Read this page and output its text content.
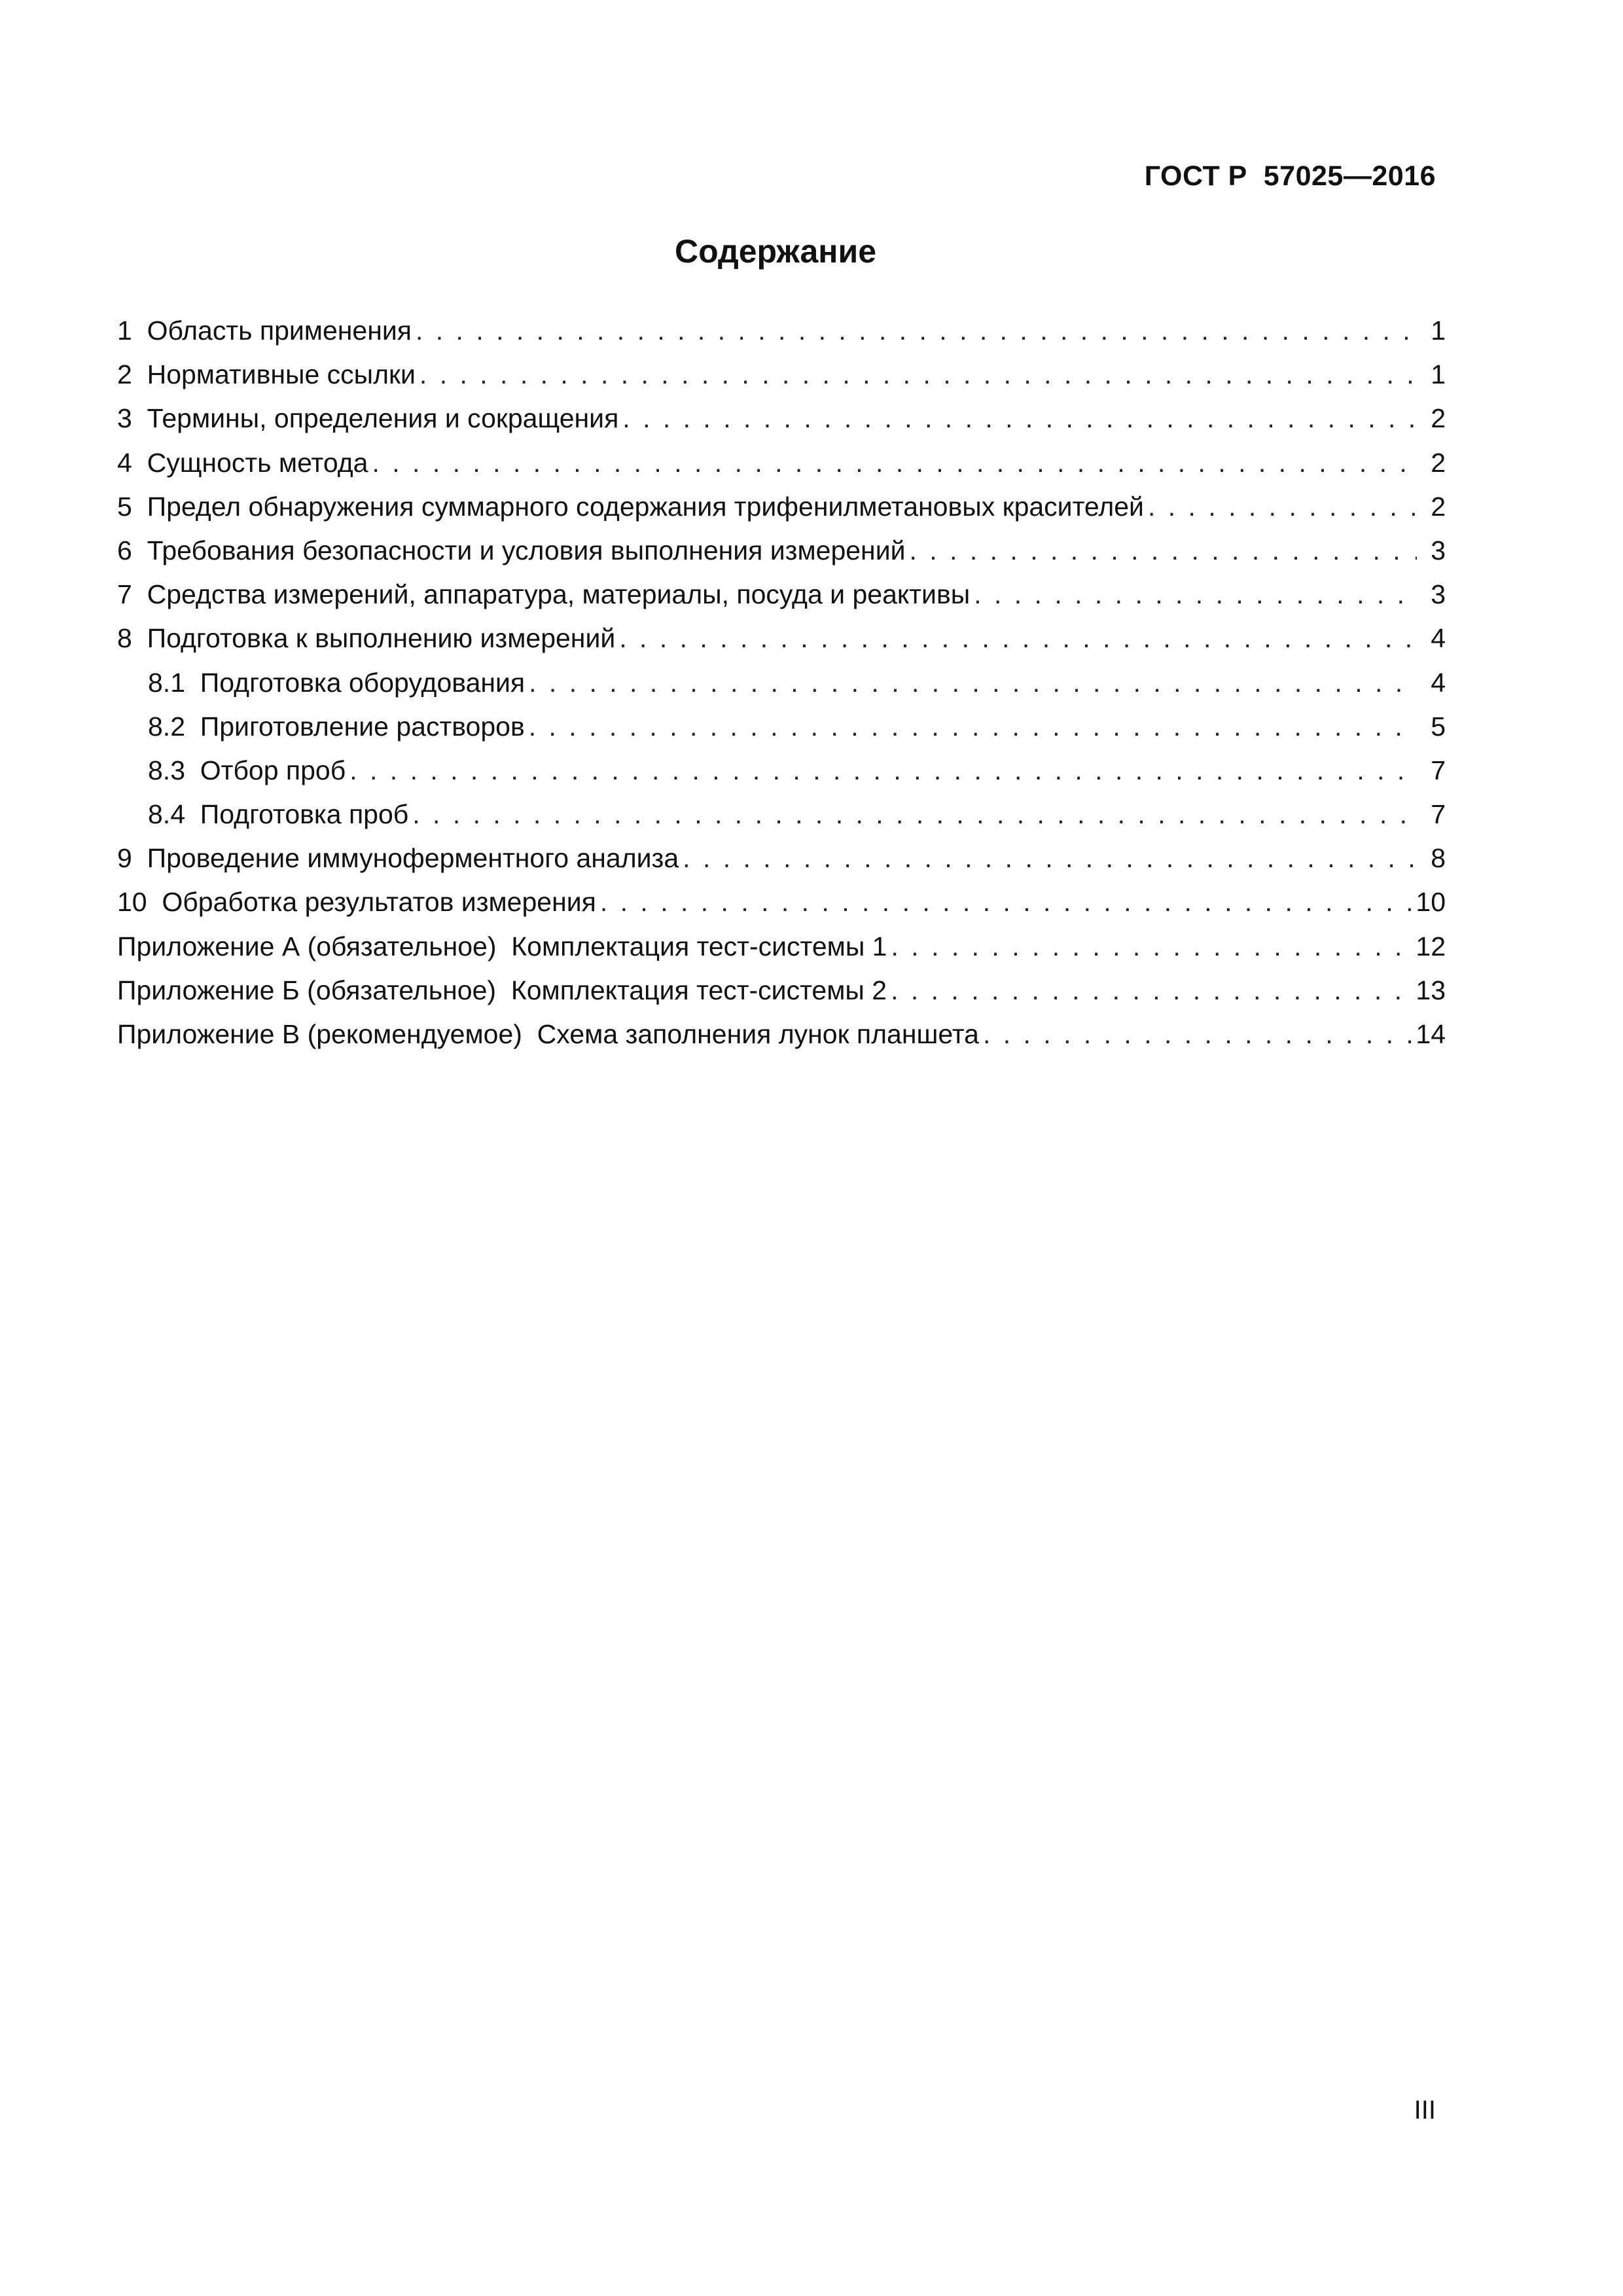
ГОСТ Р  57025—2016
Содержание
1 Область применения . . .	1
2 Нормативные ссылки . . .	1
3 Термины, определения и сокращения . . .	2
4 Сущность метода . . .	2
5 Предел обнаружения суммарного содержания трифенилметановых красителей . . .	2
6 Требования безопасности и условия выполнения измерений . . .	3
7 Средства измерений, аппаратура, материалы, посуда и реактивы . . .	3
8 Подготовка к выполнению измерений . . .	4
8.1 Подготовка оборудования . . .	4
8.2 Приготовление растворов . . .	5
8.3 Отбор проб . . .	7
8.4 Подготовка проб . . .	7
9 Проведение иммуноферментного анализа . . .	8
10 Обработка результатов измерения . . .	10
Приложение А (обязательное)  Комплектация тест-системы 1 . . .	12
Приложение Б (обязательное)  Комплектация тест-системы 2 . . .	13
Приложение В (рекомендуемое)  Схема заполнения лунок планшета . . .	14
III
